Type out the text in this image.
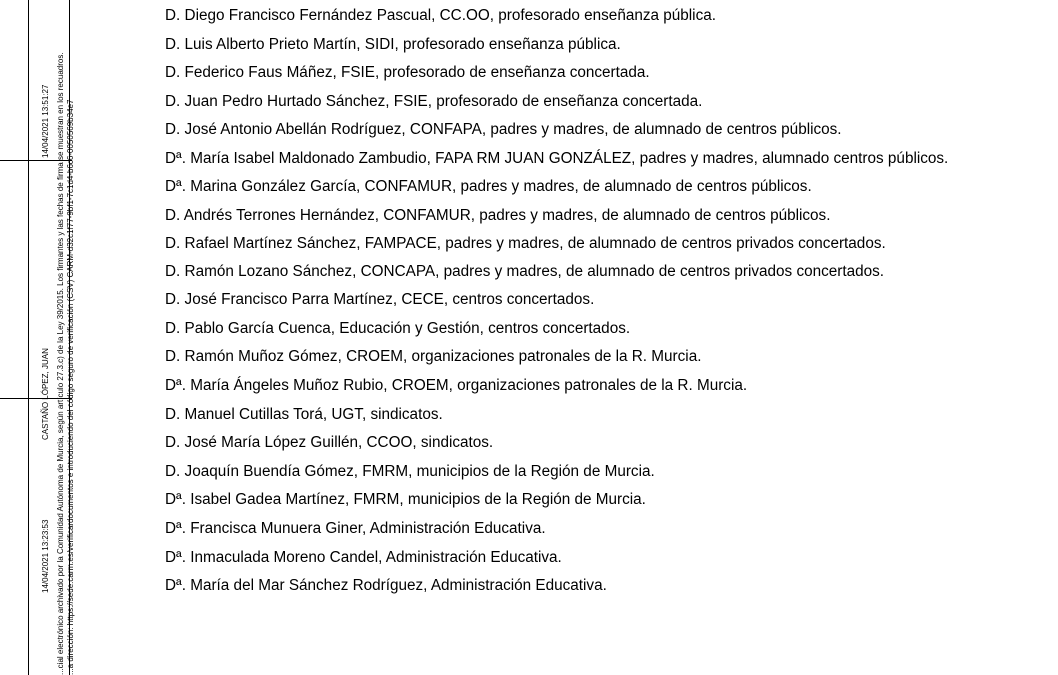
14/04/2021 13:51:27
CASTAÑO LÓPEZ, JUAN
14/04/2021 13:23:53 ...cial electrónico archivado por la Comunidad Autónoma de Murcia, según artículo 27.3.c) de la Ley 39/2015. Los firmantes y las fechas de firma se muestran en los recuadros. ...a dirección: https://sede.carm.es/verificardocumentos e introduciendo del código seguro de verificación (CSV) CARM-d32c1f77-9bf1-7c1d4-b6c6-0050569b34e7

D. Diego Francisco Fernández Pascual, CC.OO, profesorado enseñanza pública.

D. Luis Alberto Prieto Martín, SIDI, profesorado enseñanza pública.

D. Federico Faus Máñez, FSIE, profesorado de enseñanza concertada.

D. Juan Pedro Hurtado Sánchez, FSIE, profesorado de enseñanza concertada.

D. José Antonio Abellán Rodríguez, CONFAPA, padres y madres, de alumnado de centros públicos.

Dª. María Isabel Maldonado Zambudio, FAPA RM JUAN GONZÁLEZ, padres y madres, alumnado centros públicos.

Dª. Marina González García, CONFAMUR, padres y madres, de alumnado de centros públicos.

D. Andrés Terrones Hernández, CONFAMUR, padres y madres, de alumnado de centros públicos.

D. Rafael Martínez Sánchez, FAMPACE, padres y madres, de alumnado de centros privados concertados.

D. Ramón Lozano Sánchez, CONCAPA, padres y madres, de alumnado de centros privados concertados.

D. José Francisco Parra Martínez, CECE, centros concertados.

D. Pablo García Cuenca, Educación y Gestión, centros concertados.

D. Ramón Muñoz Gómez, CROEM, organizaciones patronales de la R. Murcia.

Dª. María Ángeles Muñoz Rubio, CROEM, organizaciones patronales de la R. Murcia.

D. Manuel Cutillas Torá, UGT, sindicatos.

D. José María López Guillén, CCOO, sindicatos.

D. Joaquín Buendía Gómez, FMRM, municipios de la Región de Murcia.

Dª. Isabel Gadea Martínez, FMRM, municipios de la Región de Murcia.

Dª. Francisca Munuera Giner, Administración Educativa.

Dª. Inmaculada Moreno Candel, Administración Educativa.

Dª. María del Mar Sánchez Rodríguez, Administración Educativa.
